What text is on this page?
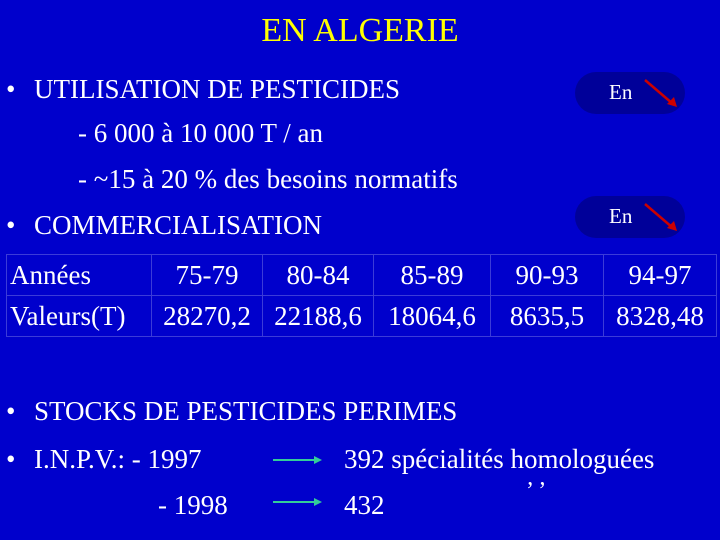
EN ALGERIE
• UTILISATION DE PESTICIDES	En
- 6 000 à 10 000 T / an
- ~15 à 20 % des besoins normatifs
• COMMERCIALISATION	En
Années	75-79	80-84	85-89	90-93	94-97
Valeurs(T)	28270,2	22188,6	18064,6	8635,5	8328,48
• STOCKS DE PESTICIDES PERIMES
• I.N.P.V.: - 1997	392 spécialités homologuées
- 1998	432	’ ’
